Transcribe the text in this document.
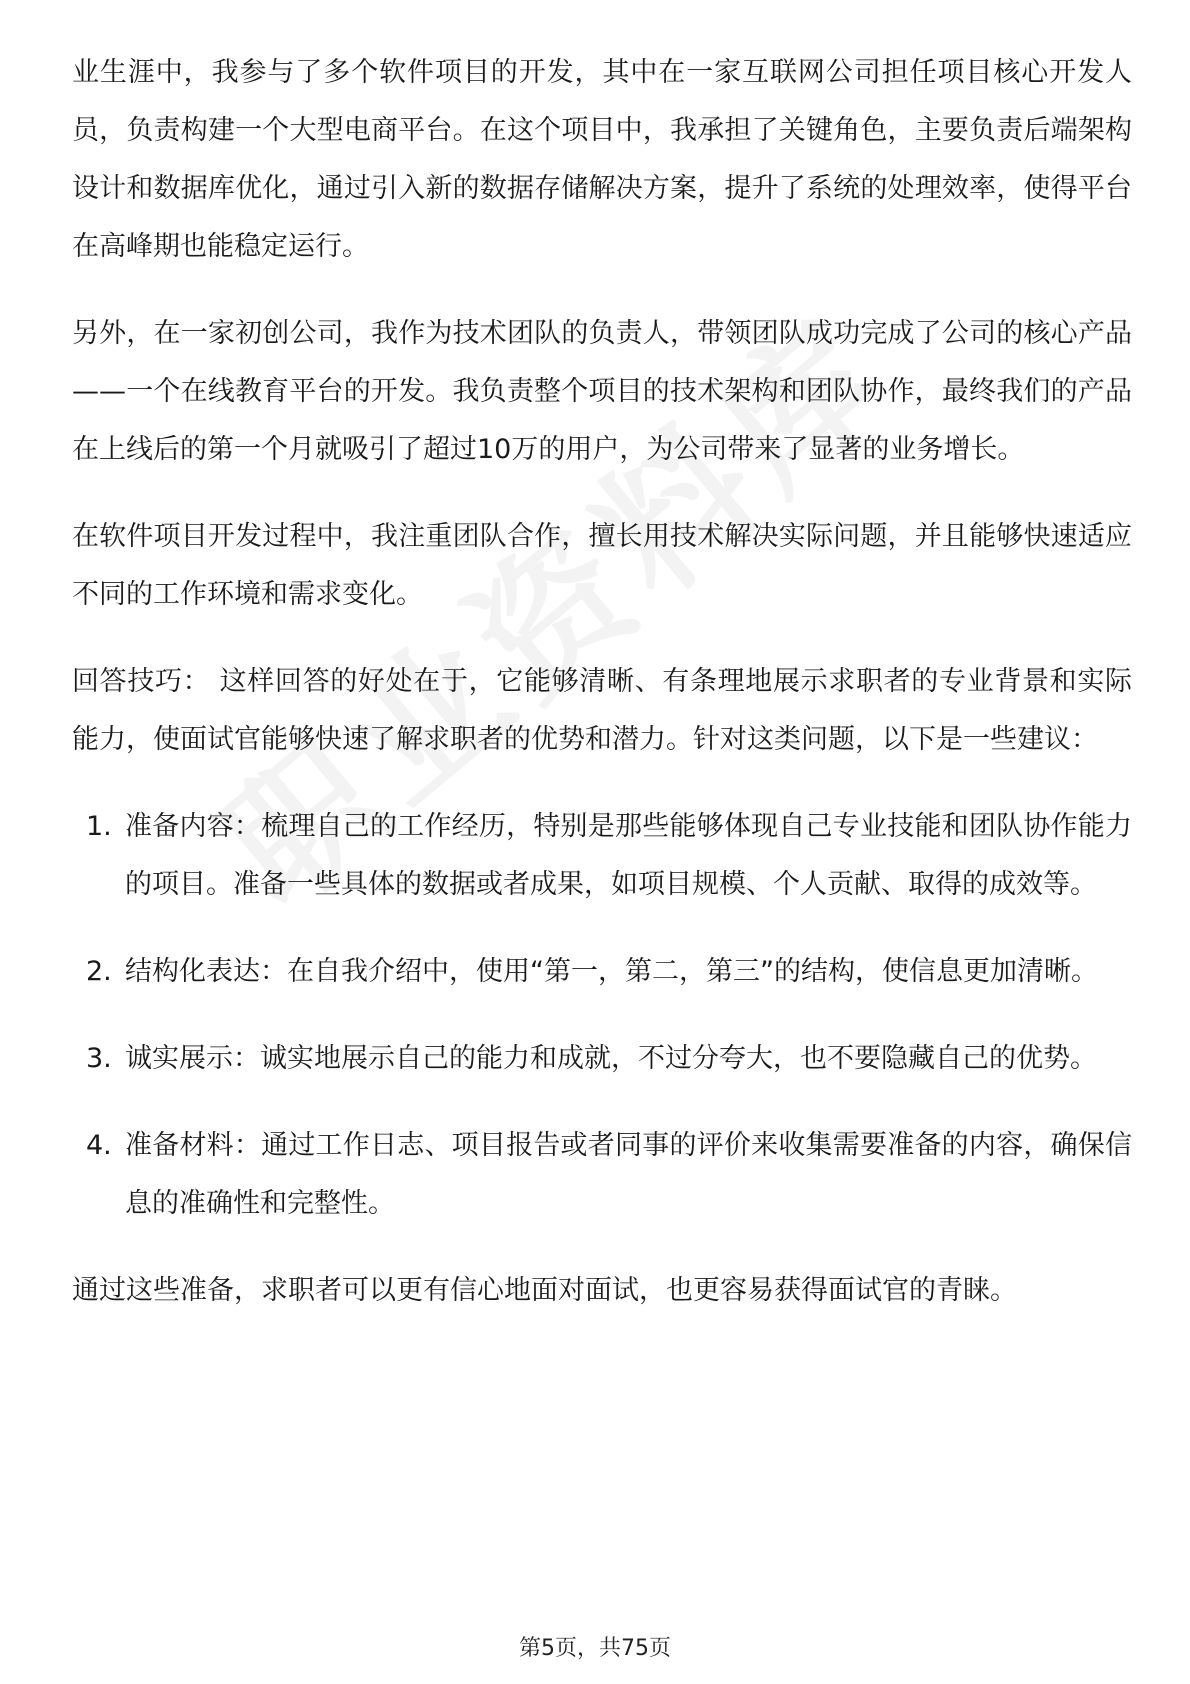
业生涯中，我参与了多个软件项目的开发，其中在一家互联网公司担任项目核心开发人员，负责构建一个大型电商平台。在这个项目中，我承担了关键角色，主要负责后端架构设计和数据库优化，通过引入新的数据存储解决方案，提升了系统的处理效率，使得平台在高峰期也能稳定运行。

另外，在一家初创公司，我作为技术团队的负责人，带领团队成功完成了公司的核心产品——一个在线教育平台的开发。我负责整个项目的技术架构和团队协作，最终我们的产品在上线后的第一个月就吸引了超过10万的用户，为公司带来了显著的业务增长。

在软件项目开发过程中，我注重团队合作，擅长用技术解决实际问题，并且能够快速适应不同的工作环境和需求变化。

回答技巧： 这样回答的好处在于，它能够清晰、有条理地展示求职者的专业背景和实际能力，使面试官能够快速了解求职者的优势和潜力。针对这类问题，以下是一些建议：

1. 准备内容：梳理自己的工作经历，特别是那些能够体现自己专业技能和团队协作能力的项目。准备一些具体的数据或者成果，如项目规模、个人贡献、取得的成效等。
2. 结构化表达：在自我介绍中，使用“第一，第二，第三”的结构，使信息更加清晰。
3. 诚实展示：诚实地展示自己的能力和成就，不过分夸大，也不要隐藏自己的优势。
4. 准备材料：通过工作日志、项目报告或者同事的评价来收集需要准备的内容，确保信息的准确性和完整性。

通过这些准备，求职者可以更有信心地面对面试，也更容易获得面试官的青睐。

第5页，共75页
